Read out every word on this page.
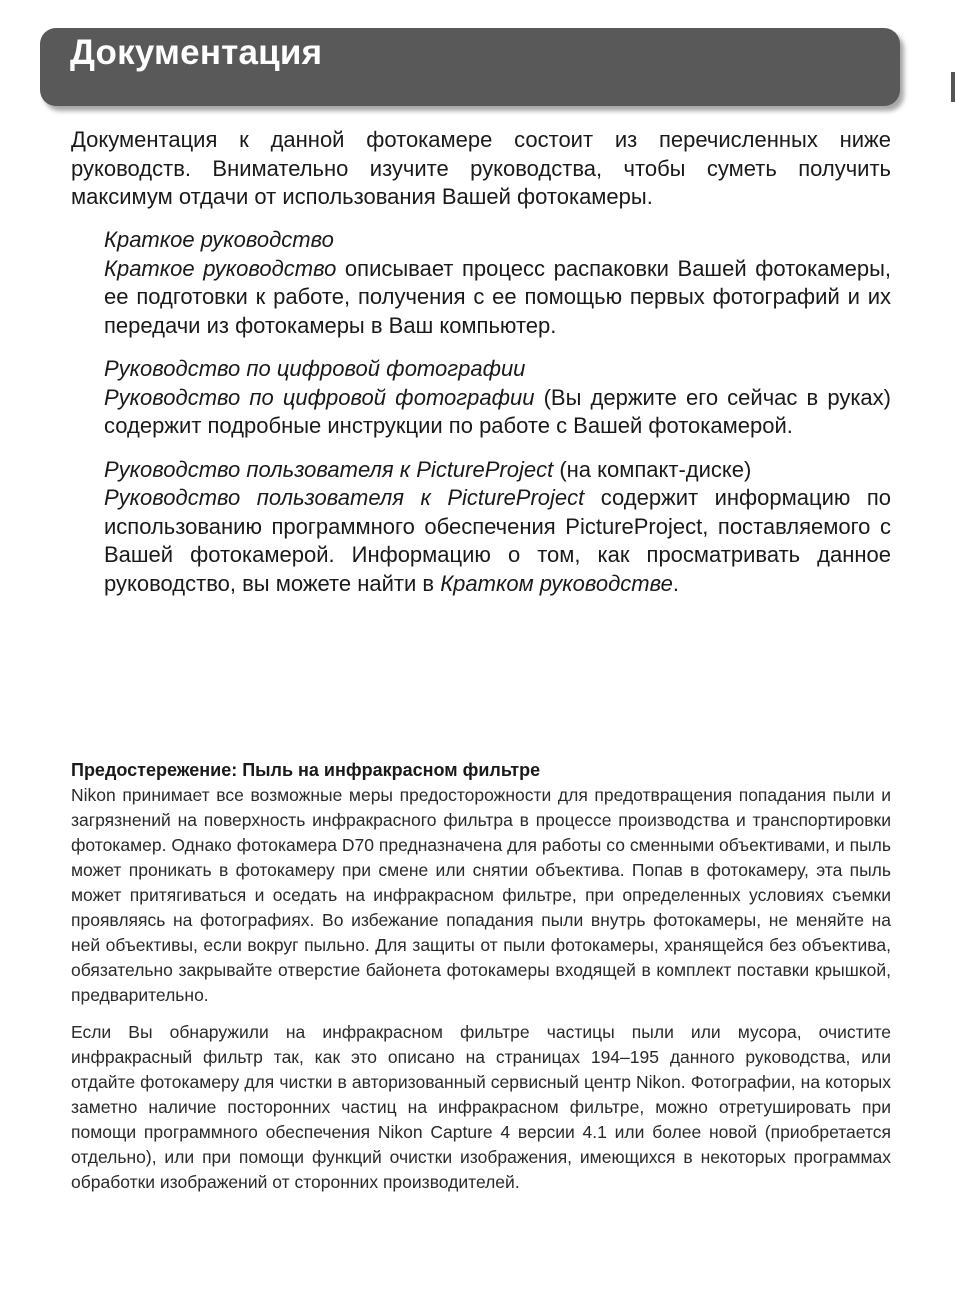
Документация

Документация к данной фотокамере состоит из перечисленных ниже руководств. Внимательно изучите руководства, чтобы суметь получить максимум отдачи от использования Вашей фотокамеры.

Краткое руководство

Краткое руководство описывает процесс распаковки Вашей фотокамеры, ее подготовки к работе, получения с ее помощью первых фотографий и их передачи из фотокамеры в Ваш компьютер.

Руководство по цифровой фотографии

Руководство по цифровой фотографии (Вы держите его сейчас в руках) содержит подробные инструкции по работе с Вашей фотокамерой.

Руководство пользователя к PictureProject (на компакт-диске)

Руководство пользователя к PictureProject содержит информацию по использованию программного обеспечения PictureProject, поставляемого с Вашей фотокамерой. Информацию о том, как просматривать данное руководство, вы можете найти в Кратком руководстве.

Предостережение: Пыль на инфракрасном фильтре

Nikon принимает все возможные меры предосторожности для предотвращения попадания пыли и загрязнений на поверхность инфракрасного фильтра в процессе производства и транспортировки фотокамер. Однако фотокамера D70 предназначена для работы со сменными объективами, и пыль может проникать в фотокамеру при смене или снятии объектива. Попав в фотокамеру, эта пыль может притягиваться и оседать на инфракрасном фильтре, при определенных условиях съемки проявляясь на фотографиях. Во избежание попадания пыли внутрь фотокамеры, не меняйте на ней объективы, если вокруг пыльно. Для защиты от пыли фотокамеры, хранящейся без объектива, обязательно закрывайте отверстие байонета фотокамеры входящей в комплект поставки крышкой, предварительно.

Если Вы обнаружили на инфракрасном фильтре частицы пыли или мусора, очистите инфракрасный фильтр так, как это описано на страницах 194–195 данного руководства, или отдайте фотокамеру для чистки в авторизованный сервисный центр Nikon. Фотографии, на которых заметно наличие посторонних частиц на инфракрасном фильтре, можно отретушировать при помощи программного обеспечения Nikon Capture 4 версии 4.1 или более новой (приобретается отдельно), или при помощи функций очистки изображения, имеющихся в некоторых программах обработки изображений от сторонних производителей.
